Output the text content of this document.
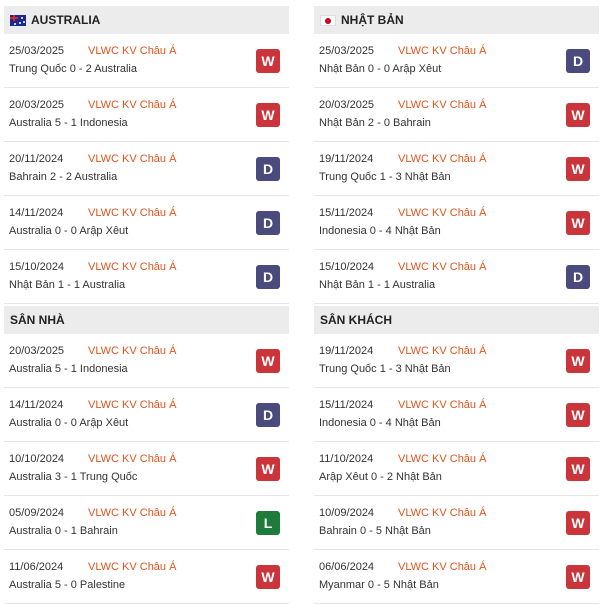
AUSTRALIA
25/03/2025 VLWC KV Châu Á
Trung Quốc 0 - 2 Australia	W
20/03/2025 VLWC KV Châu Á
Australia 5 - 1 Indonesia	W
20/11/2024 VLWC KV Châu Á
Bahrain 2 - 2 Australia	D
14/11/2024 VLWC KV Châu Á
Australia 0 - 0 Arập Xêut	D
15/10/2024 VLWC KV Châu Á
Nhật Bản 1 - 1 Australia	D
NHẬT BẢN
25/03/2025 VLWC KV Châu Á
Nhật Bản 0 - 0 Arập Xêut	D
20/03/2025 VLWC KV Châu Á
Nhật Bản 2 - 0 Bahrain	W
19/11/2024 VLWC KV Châu Á
Trung Quốc 1 - 3 Nhật Bản	W
15/11/2024 VLWC KV Châu Á
Indonesia 0 - 4 Nhật Bản	W
15/10/2024 VLWC KV Châu Á
Nhật Bản 1 - 1 Australia	D
SÂN NHÀ
20/03/2025 VLWC KV Châu Á
Australia 5 - 1 Indonesia	W
14/11/2024 VLWC KV Châu Á
Australia 0 - 0 Arập Xêut	D
10/10/2024 VLWC KV Châu Á
Australia 3 - 1 Trung Quốc	W
05/09/2024 VLWC KV Châu Á
Australia 0 - 1 Bahrain	L
11/06/2024 VLWC KV Châu Á
Australia 5 - 0 Palestine	W
SÂN KHÁCH
19/11/2024 VLWC KV Châu Á
Trung Quốc 1 - 3 Nhật Bản	W
15/11/2024 VLWC KV Châu Á
Indonesia 0 - 4 Nhật Bản	W
11/10/2024 VLWC KV Châu Á
Arập Xêut 0 - 2 Nhật Bản	W
10/09/2024 VLWC KV Châu Á
Bahrain 0 - 5 Nhật Bản	W
06/06/2024 VLWC KV Châu Á
Myanmar 0 - 5 Nhật Bản	W
